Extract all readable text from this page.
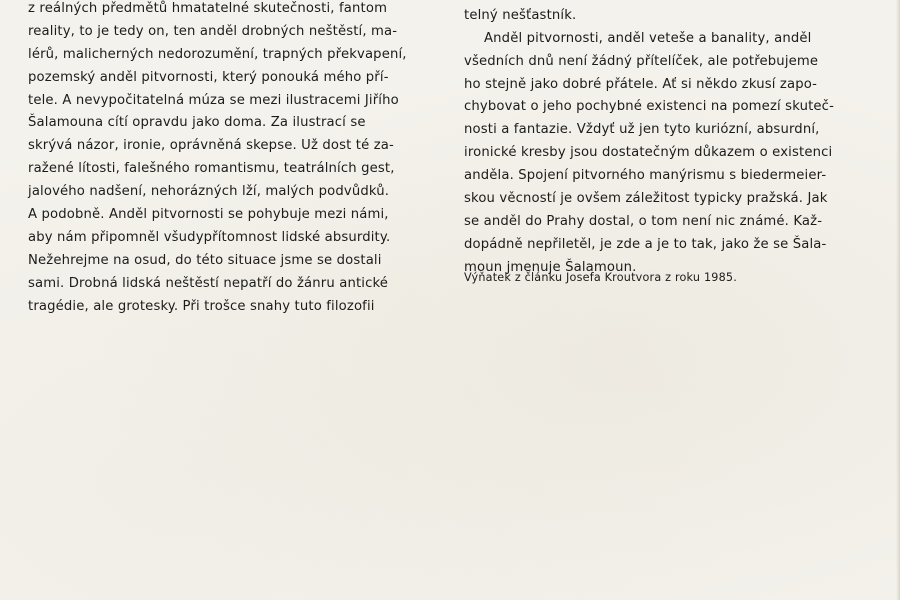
z reálných předmětů hmatatelné skutečnosti, fantom
reality, to je tedy on, ten anděl drobných neštěstí, ma-
lérů, malicherných nedorozumění, trapných překvapení,
pozemský anděl pitvornosti, který ponouká mého pří-
tele. A nevypočitatelná múza se mezi ilustracemi Jiřího
Šalamouna cítí opravdu jako doma. Za ilustrací se
skrývá názor, ironie, oprávněná skepse. Už dost té za-
ražené lítosti, falešného romantismu, teatrálních gest,
jalového nadšení, nehorázných lží, malých podvůdků.
A podobně. Anděl pitvornosti se pohybuje mezi námi,
aby nám připomněl všudypřítomnost lidské absurdity.
Nežehrejme na osud, do této situace jsme se dostali
sami. Drobná lidská neštěstí nepatří do žánru antické
tragédie, ale grotesky. Při trošce snahy tuto filozofii
telný nešťastník.
Anděl pitvornosti, anděl veteše a banality, anděl
všedních dnů není žádný přítelíček, ale potřebujeme
ho stejně jako dobré přátele. Ať si někdo zkusí zapo-
chybovat o jeho pochybné existenci na pomezí skuteč-
nosti a fantazie. Vždyť už jen tyto kuriózní, absurdní,
ironické kresby jsou dostatečným důkazem o existenci
anděla. Spojení pitvorného manýrismu s biedermeier-
skou věcností je ovšem záležitost typicky pražská. Jak
se anděl do Prahy dostal, o tom není nic známé. Kaž-
dopádně nepřiletěl, je zde a je to tak, jako že se Šala-
moun jmenuje Šalamoun.
Výňatek z článku Josefa Kroutvora z roku 1985.
